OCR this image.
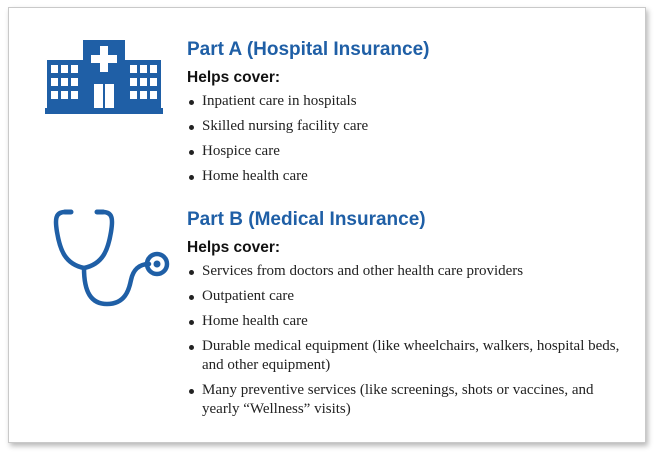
Part A (Hospital Insurance)
Helps cover:
Inpatient care in hospitals
Skilled nursing facility care
Hospice care
Home health care
Part B (Medical Insurance)
Helps cover:
Services from doctors and other health care providers
Outpatient care
Home health care
Durable medical equipment (like wheelchairs, walkers, hospital beds, and other equipment)
Many preventive services (like screenings, shots or vaccines, and yearly “Wellness” visits)
